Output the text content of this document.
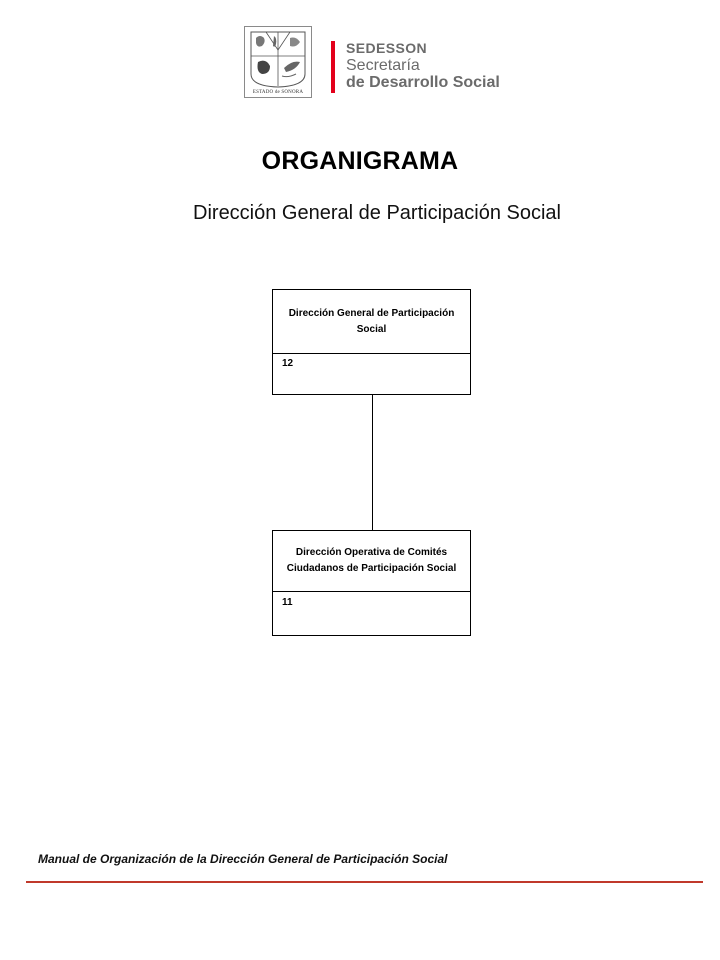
ESTADO de SONORA
SEDESSON
Secretaría
de Desarrollo Social
ORGANIGRAMA
Dirección General de Participación Social
Dirección General de Participación Social
12
Dirección Operativa de Comités Ciudadanos de Participación Social
11
Manual de Organización de la Dirección General de Participación Social
